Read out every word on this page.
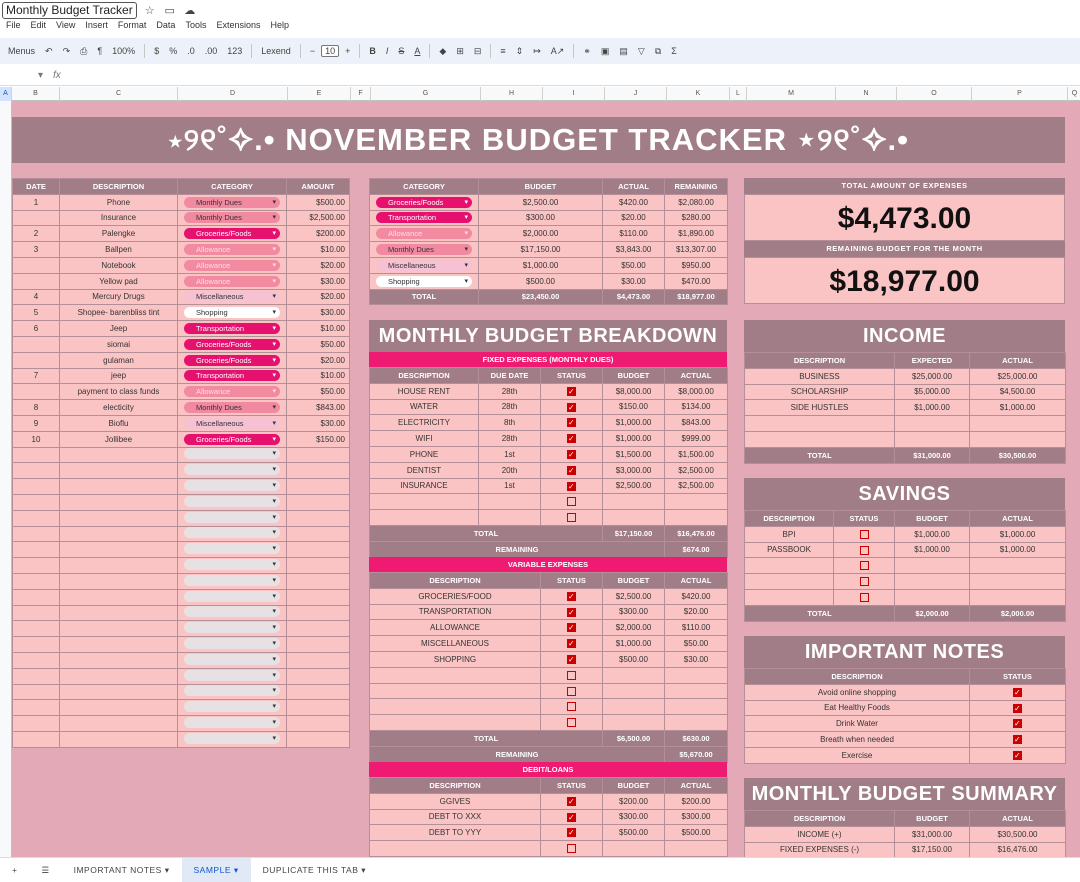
Monthly Budget Tracker	☆ ▭ ☁
File Edit View Insert Format Data Tools Extensions Help
Menus	↶	↷	⎙	¶	100%	$	%	.0	.00	123	Lexend	−	10	+	B	I	S	A	◆	⊞	⊟	≡	⇕	↦	A↗	⚭	▣	▤	▽	⧉	Σ
▾ fx
A	B	C	D	E	F	G	H	I	J	K	L	M	N	O	P	Q
⋆୨୧˚✧.• NOVEMBER BUDGET TRACKER ⋆୨୧˚✧.•
DATE	DESCRIPTION	CATEGORY	AMOUNT
1	Phone	Monthly Dues ▾	$500.00
	Insurance	Monthly Dues ▾	$2,500.00
2	Palengke	Groceries/Foods ▾	$200.00
3	Ballpen	Allowance ▾	$10.00
	Notebook	Allowance ▾	$20.00
	Yellow pad	Allowance ▾	$30.00
4	Mercury Drugs	Miscellaneous ▾	$20.00
5	Shopee- barenbliss tint	Shopping ▾	$30.00
6	Jeep	Transportation ▾	$10.00
	siomai	Groceries/Foods ▾	$50.00
	gulaman	Groceries/Foods ▾	$20.00
7	jeep	Transportation ▾	$10.00
	payment to class funds	Allowance ▾	$50.00
8	electicity	Monthly Dues ▾	$843.00
9	Bioflu	Miscellaneous ▾	$30.00
10	Jollibee	Groceries/Foods ▾	$150.00
		▾	
		▾	
		▾	
		▾	
		▾	
		▾	
		▾	
		▾	
		▾	
		▾	
		▾	
		▾	
		▾	
		▾	
		▾	
		▾	
		▾	
		▾	
		▾	
CATEGORY	BUDGET	ACTUAL	REMAINING
Groceries/Foods ▾	$2,500.00	$420.00	$2,080.00
Transportation ▾	$300.00	$20.00	$280.00
Allowance ▾	$2,000.00	$110.00	$1,890.00
Monthly Dues ▾	$17,150.00	$3,843.00	$13,307.00
Miscellaneous ▾	$1,000.00	$50.00	$950.00
Shopping ▾	$500.00	$30.00	$470.00
TOTAL	$23,450.00	$4,473.00	$18,977.00
TOTAL AMOUNT OF EXPENSES
$4,473.00
REMAINING BUDGET FOR THE MONTH
$18,977.00
MONTHLY BUDGET BREAKDOWN
FIXED EXPENSES (MONTHLY DUES)
DESCRIPTION	DUE DATE	STATUS	BUDGET	ACTUAL
HOUSE RENT	28th	✓	$8,000.00	$8,000.00
WATER	28th	✓	$150.00	$134.00
ELECTRICITY	8th	✓	$1,000.00	$843.00
WIFI	28th	✓	$1,000.00	$999.00
PHONE	1st	✓	$1,500.00	$1,500.00
DENTIST	20th	✓	$3,000.00	$2,500.00
INSURANCE	1st	✓	$2,500.00	$2,500.00

TOTAL			$17,150.00	$16,476.00
REMAINING				$674.00
VARIABLE EXPENSES
DESCRIPTION	STATUS	BUDGET	ACTUAL
GROCERIES/FOOD	✓	$2,500.00	$420.00
TRANSPORTATION	✓	$300.00	$20.00
ALLOWANCE	✓	$2,000.00	$110.00
MISCELLANEOUS	✓	$1,000.00	$50.00
SHOPPING	✓	$500.00	$30.00

TOTAL		$6,500.00	$630.00
REMAINING			$5,670.00
DEBIT/LOANS
DESCRIPTION	STATUS	BUDGET	ACTUAL
GGIVES	✓	$200.00	$200.00
DEBT TO XXX	✓	$300.00	$300.00
DEBT TO YYY	✓	$500.00	$500.00

INCOME
DESCRIPTION	EXPECTED	ACTUAL
BUSINESS	$25,000.00	$25,000.00
SCHOLARSHIP	$5,000.00	$4,500.00
SIDE HUSTLES	$1,000.00	$1,000.00

TOTAL	$31,000.00	$30,500.00
SAVINGS
DESCRIPTION	STATUS	BUDGET	ACTUAL
BPI		$1,000.00	$1,000.00
PASSBOOK		$1,000.00	$1,000.00

TOTAL		$2,000.00	$2,000.00
IMPORTANT NOTES
DESCRIPTION	STATUS
Avoid online shopping	✓
Eat Healthy Foods	✓
Drink Water	✓
Breath when needed	✓
Exercise	✓
MONTHLY BUDGET SUMMARY
DESCRIPTION	BUDGET	ACTUAL
INCOME (+)	$31,000.00	$30,500.00
FIXED EXPENSES (-)	$17,150.00	$16,476.00
+	☰	IMPORTANT NOTES ▾	SAMPLE ▾	DUPLICATE THIS TAB ▾
